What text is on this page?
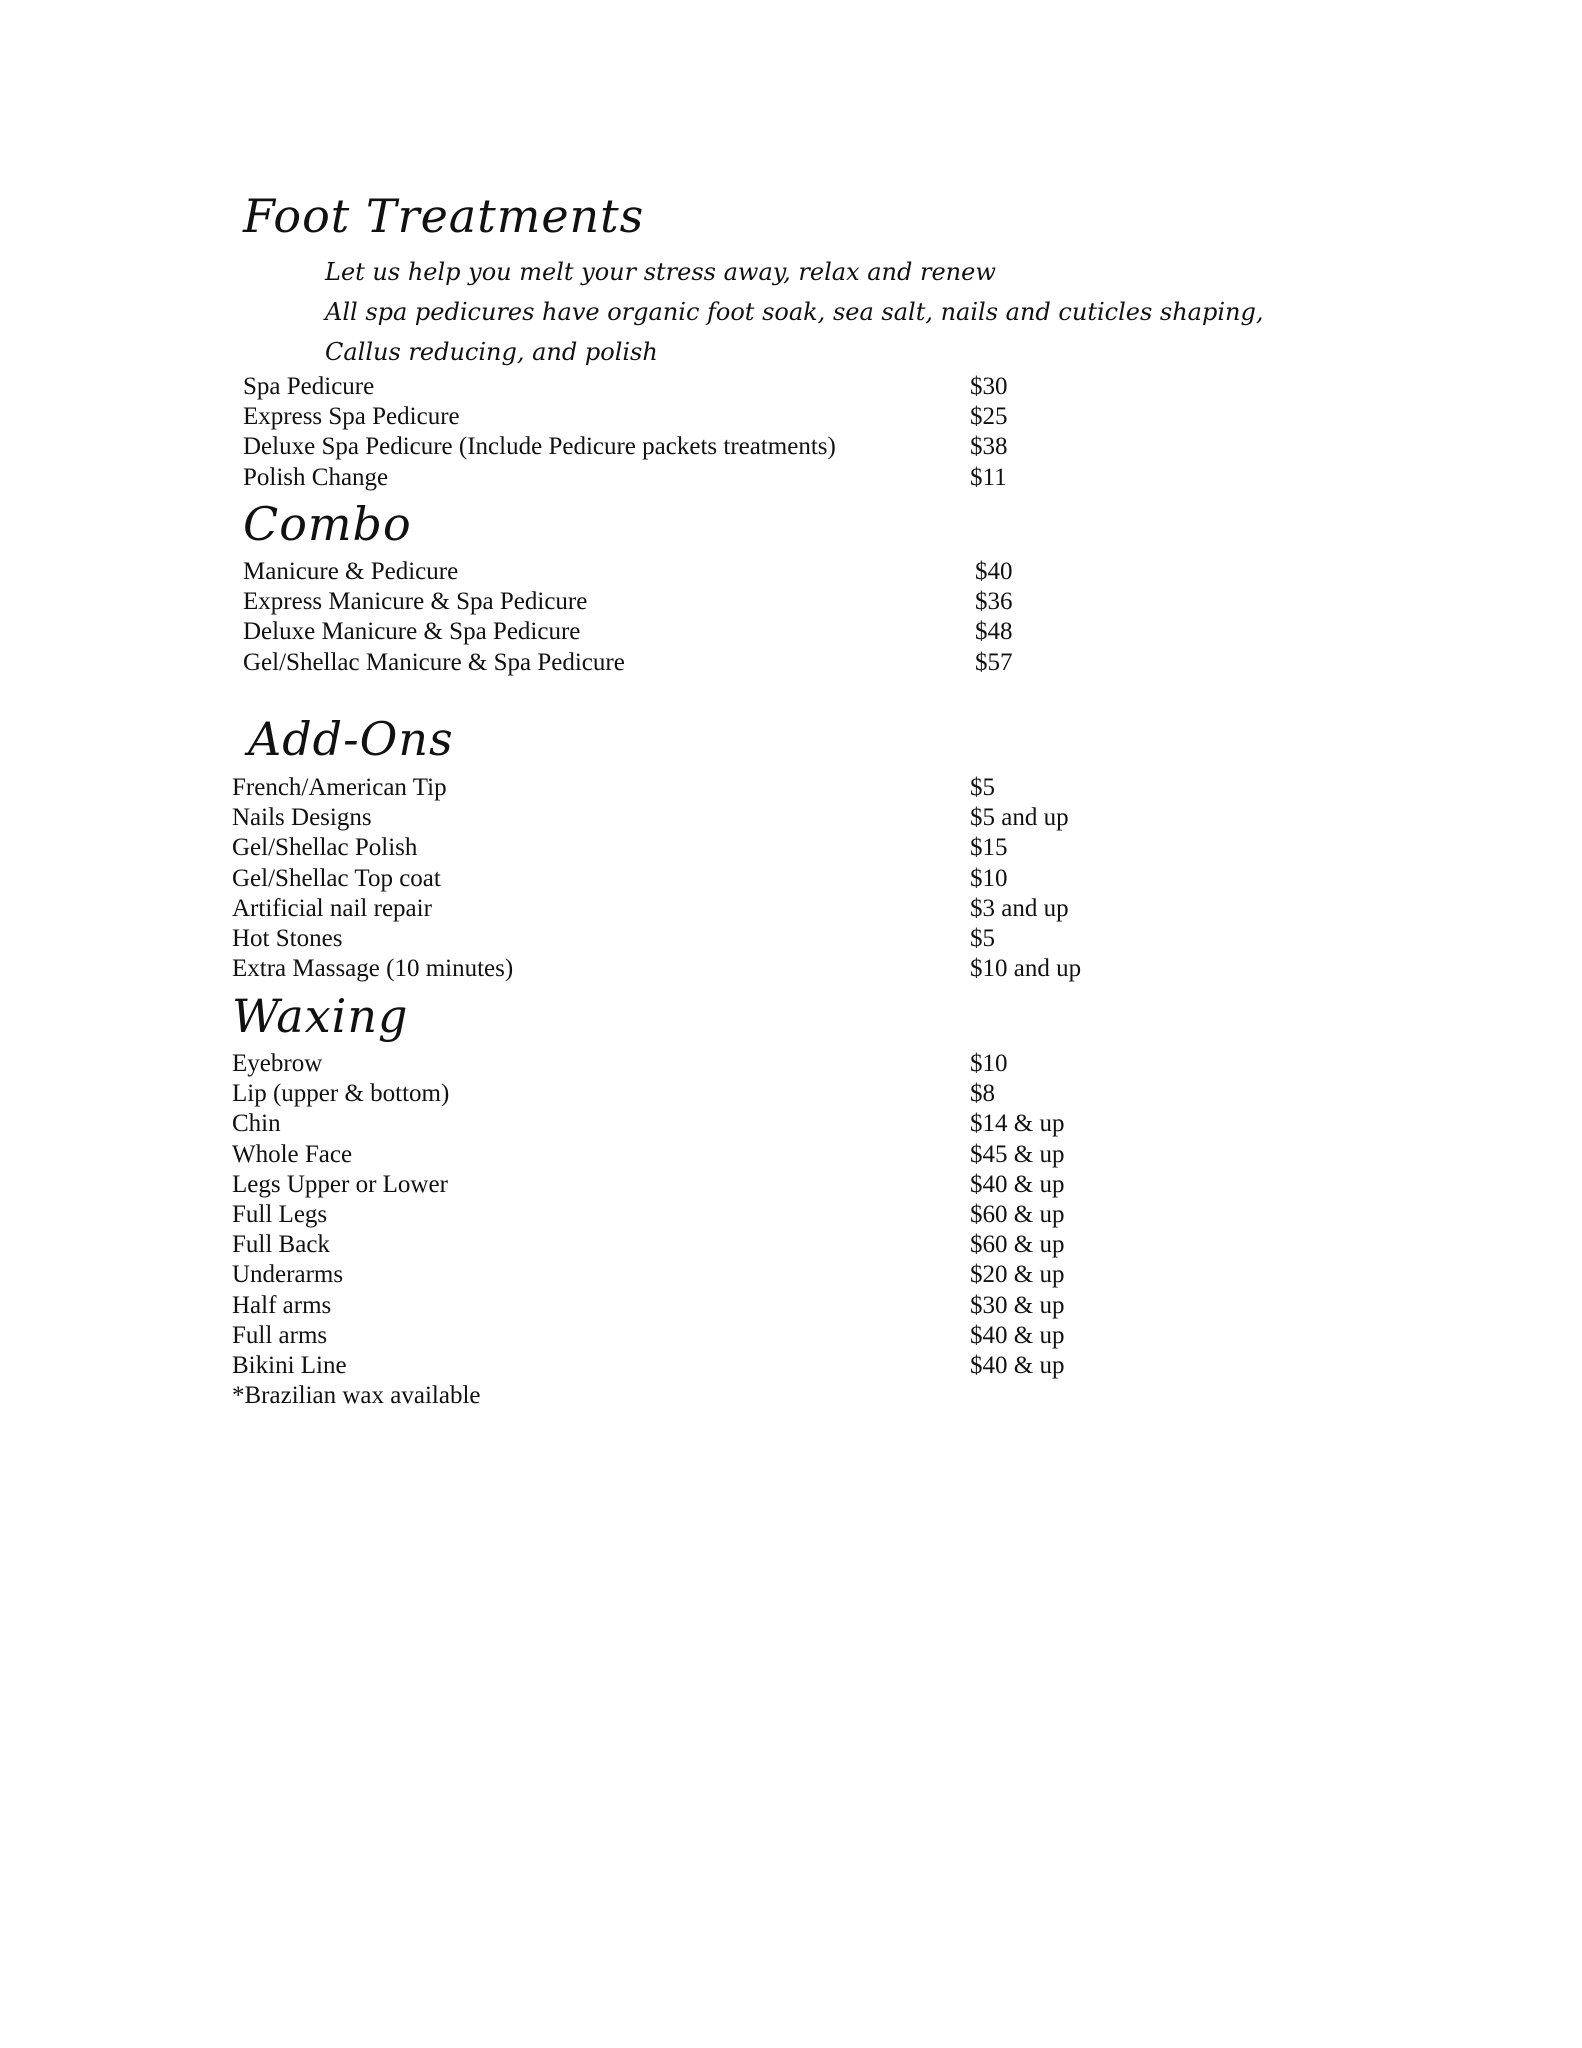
Foot Treatments

Let us help you melt your stress away, relax and renew
All spa pedicures have organic foot soak, sea salt, nails and cuticles shaping,
Callus reducing, and polish

Spa Pedicure	$30
Express Spa Pedicure	$25
Deluxe Spa Pedicure (Include Pedicure packets treatments)	$38
Polish Change	$11
Combo
Manicure & Pedicure	$40
Express Manicure & Spa Pedicure	$36
Deluxe Manicure & Spa Pedicure	$48
Gel/Shellac Manicure & Spa Pedicure	$57
Add-Ons
French/American Tip	$5
Nails Designs	$5 and up
Gel/Shellac Polish	$15
Gel/Shellac Top coat	$10
Artificial nail repair	$3 and up
Hot Stones	$5
Extra Massage (10 minutes)	$10 and up
Waxing
Eyebrow	$10
Lip (upper & bottom)	$8
Chin	$14 & up
Whole Face	$45 & up
Legs Upper or Lower	$40 & up
Full Legs	$60 & up
Full Back	$60 & up
Underarms	$20 & up
Half arms	$30 & up
Full arms	$40 & up
Bikini Line	$40 & up

*Brazilian wax available
